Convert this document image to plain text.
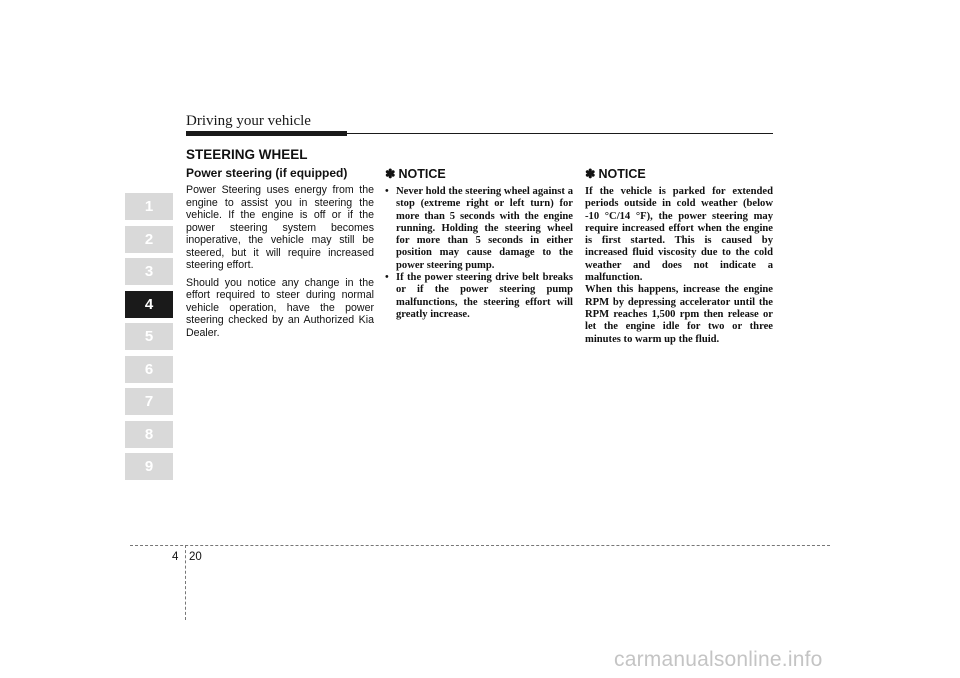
Driving your vehicle
1
2
3
4
5
6
7
8
9
STEERING WHEEL
Power steering (if equipped)

Power Steering uses energy from the engine to assist you in steering the vehicle. If the engine is off or if the power steering system becomes inoperative, the vehicle may still be steered, but it will require increased steering effort.

Should you notice any change in the effort required to steer during normal vehicle operation, have the power steering checked by an Authorized Kia Dealer.

✽ NOTICE
• Never hold the steering wheel against a stop (extreme right or left turn) for more than 5 seconds with the engine running. Holding the steering wheel for more than 5 seconds in either position may cause damage to the power steering pump.
• If the power steering drive belt breaks or if the power steering pump malfunctions, the steering effort will greatly increase.
✽ NOTICE

If the vehicle is parked for extended periods outside in cold weather (below -10 °C/14 °F), the power steering may require increased effort when the engine is first started. This is caused by increased fluid viscosity due to the cold weather and does not indicate a malfunction.

When this happens, increase the engine RPM by depressing accelerator until the RPM reaches 1,500 rpm then release or let the engine idle for two or three minutes to warm up the fluid.

4 20
carmanualsonline.info
